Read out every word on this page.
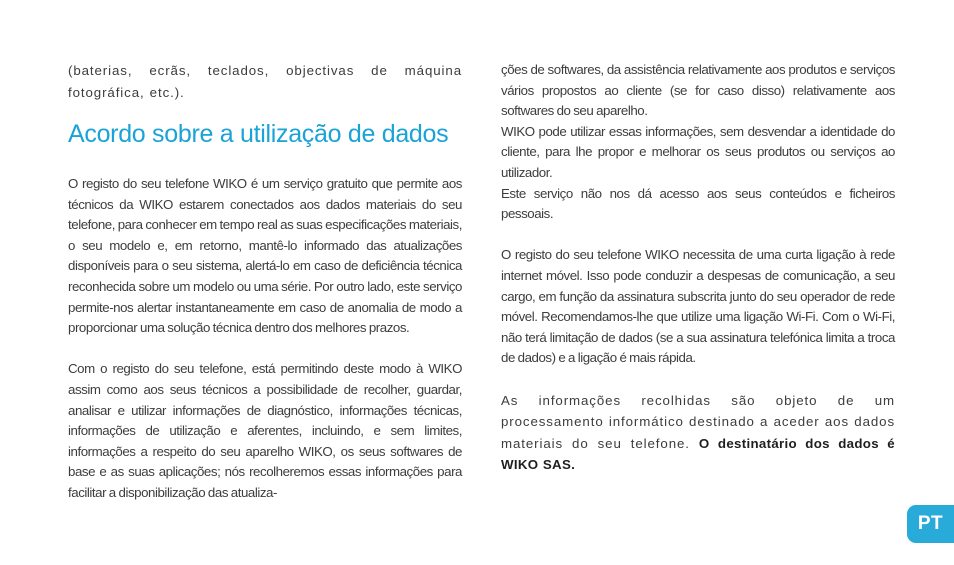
(baterias, ecrãs, teclados, objectivas de máquina fotográfica, etc.).

Acordo sobre a utilização de dados

O registo do seu telefone WIKO é um serviço gratuito que permite aos técnicos da WIKO estarem conectados aos dados materiais do seu telefone, para conhecer em tempo real as suas especificações materiais, o seu modelo e, em retorno, mantê-lo informado das atualizações disponíveis para o seu sistema, alertá-lo em caso de deficiência técnica reconhecida sobre um modelo ou uma série. Por outro lado, este serviço permite-nos alertar instantaneamente em caso de anomalia de modo a proporcionar uma solução técnica dentro dos melhores prazos.

Com o registo do seu telefone, está permitindo deste modo à WIKO assim como aos seus técnicos a possibilidade de recolher, guardar, analisar e utilizar informações de diagnóstico, informações técnicas, informações de utilização e aferentes, incluindo, e sem limites, informações a respeito do seu aparelho WIKO, os seus softwares de base e as suas aplicações; nós recolheremos essas informações para facilitar a disponibilização das atualiza-

ções de softwares, da assistência relativamente aos produtos e serviços vários propostos ao cliente (se for caso disso) relativamente aos softwares do seu aparelho.

WIKO pode utilizar essas informações, sem desvendar a identidade do cliente, para lhe propor e melhorar os seus produtos ou serviços ao utilizador.

Este serviço não nos dá acesso aos seus conteúdos e ficheiros pessoais.

O registo do seu telefone WIKO necessita de uma curta ligação à rede internet móvel. Isso pode conduzir a despesas de comunicação, a seu cargo, em função da assinatura subscrita junto do seu operador de rede móvel. Recomendamos-lhe que utilize uma ligação Wi-Fi. Com o Wi-Fi, não terá limitação de dados (se a sua assinatura telefónica limita a troca de dados) e a ligação é mais rápida.

As informações recolhidas são objeto de um processamento informático destinado a aceder aos dados materiais do seu telefone. O destinatário dos dados é WIKO SAS.

PT
